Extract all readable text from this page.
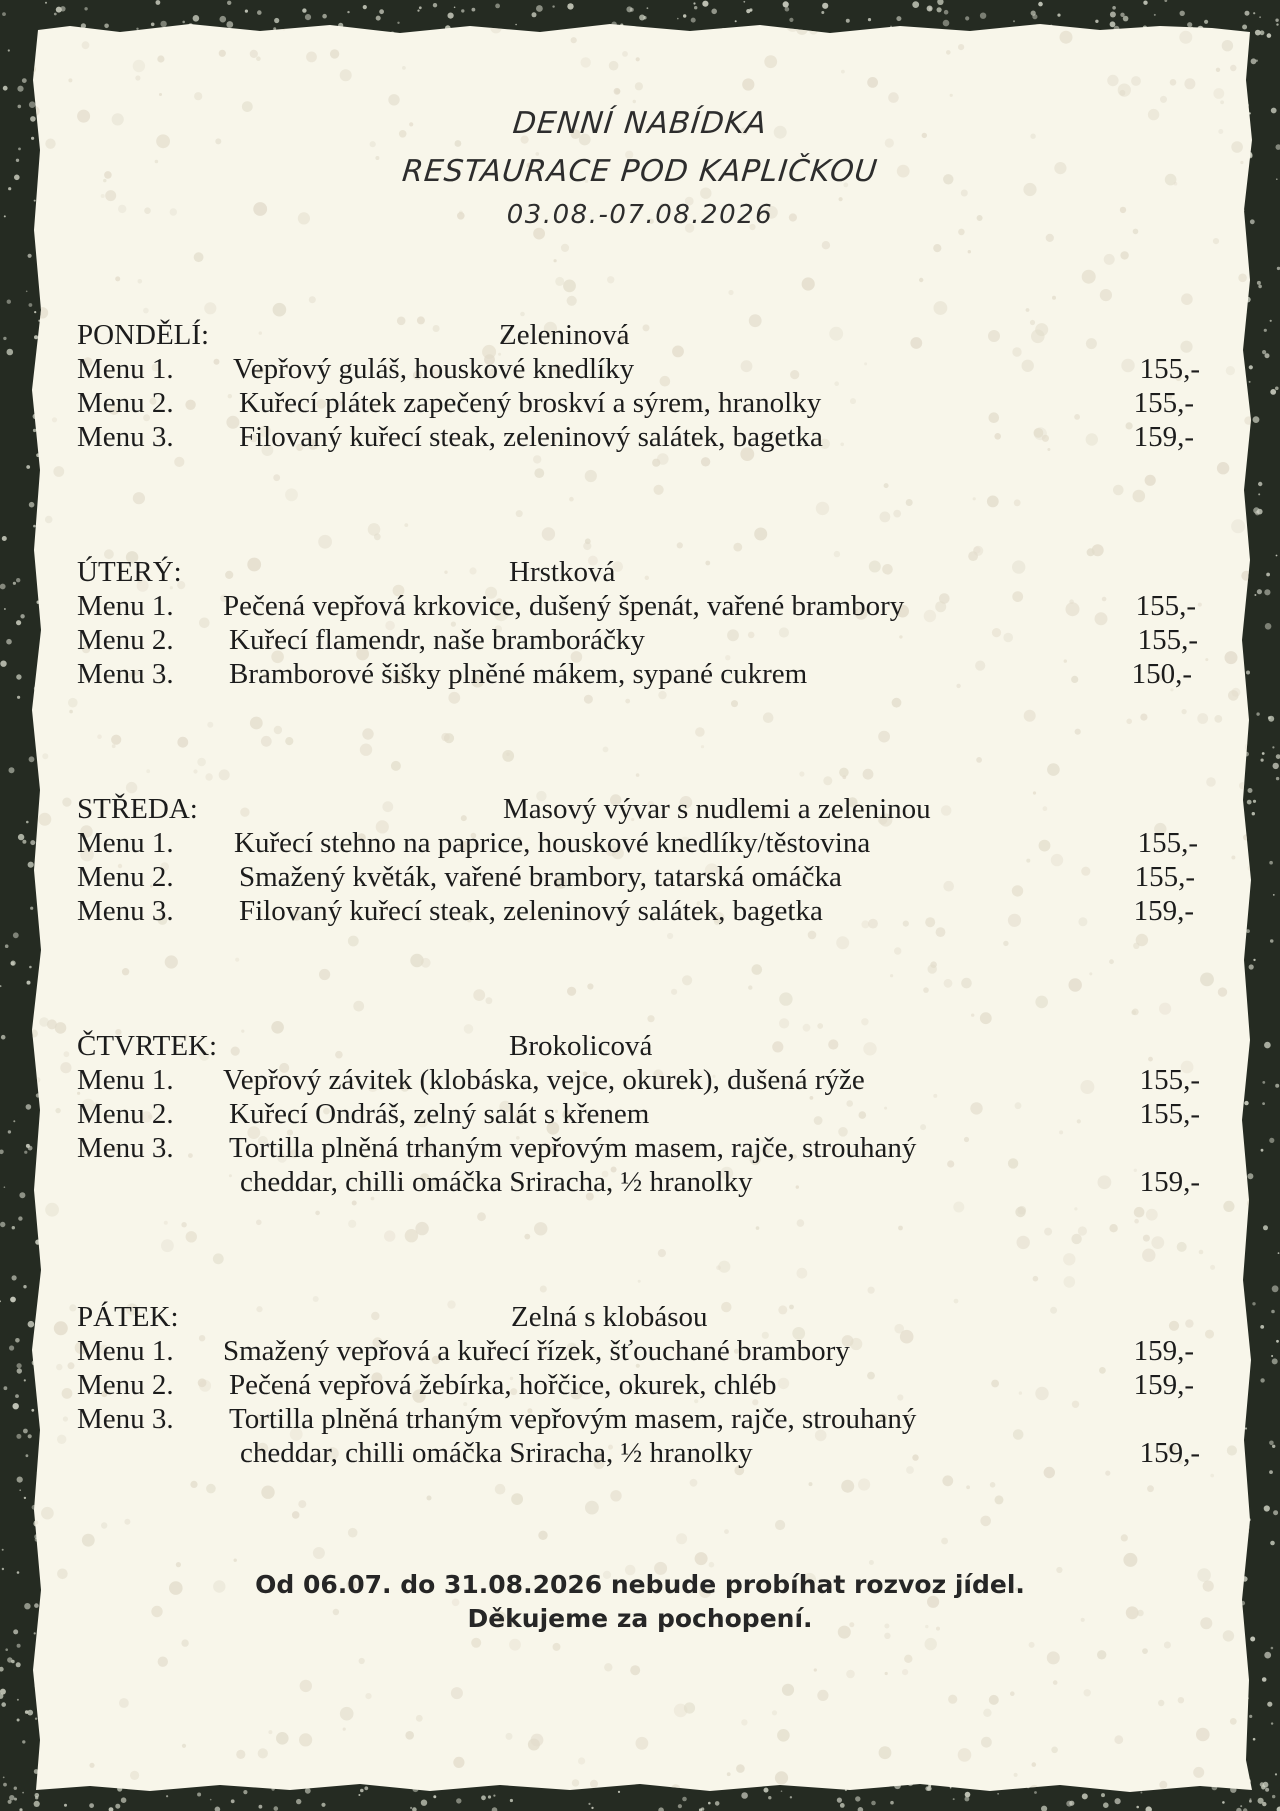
DENNÍ NABÍDKA
RESTAURACE POD KAPLIČKOU
03.08.-07.08.2026
PONDĚLÍ:	Zeleninová
Menu 1. Vepřový guláš, houskové knedlíky	155,-
Menu 2. Kuřecí plátek zapečený broskví a sýrem, hranolky	155,-
Menu 3. Filovaný kuřecí steak, zeleninový salátek, bagetka	159,-
ÚTERÝ:	Hrstková
Menu 1. Pečená vepřová krkovice, dušený špenát, vařené brambory	155,-
Menu 2. Kuřecí flamendr, naše bramboráčky	155,-
Menu 3. Bramborové šišky plněné mákem, sypané cukrem	150,-
STŘEDA:	Masový vývar s nudlemi a zeleninou
Menu 1. Kuřecí stehno na paprice, houskové knedlíky/těstovina	155,-
Menu 2. Smažený květák, vařené brambory, tatarská omáčka	155,-
Menu 3. Filovaný kuřecí steak, zeleninový salátek, bagetka	159,-
ČTVRTEK:	Brokolicová
Menu 1. Vepřový závitek (klobáska, vejce, okurek), dušená rýže	155,-
Menu 2. Kuřecí Ondráš, zelný salát s křenem	155,-
Menu 3. Tortilla plněná trhaným vepřovým masem, rajče, strouhaný
cheddar, chilli omáčka Sriracha, ½ hranolky	159,-
PÁTEK:	Zelná s klobásou
Menu 1. Smažený vepřová a kuřecí řízek, šťouchané brambory	159,-
Menu 2. Pečená vepřová žebírka, hořčice, okurek, chléb	159,-
Menu 3. Tortilla plněná trhaným vepřovým masem, rajče, strouhaný
cheddar, chilli omáčka Sriracha, ½ hranolky	159,-
Od 06.07. do 31.08.2026 nebude probíhat rozvoz jídel.
Děkujeme za pochopení.
